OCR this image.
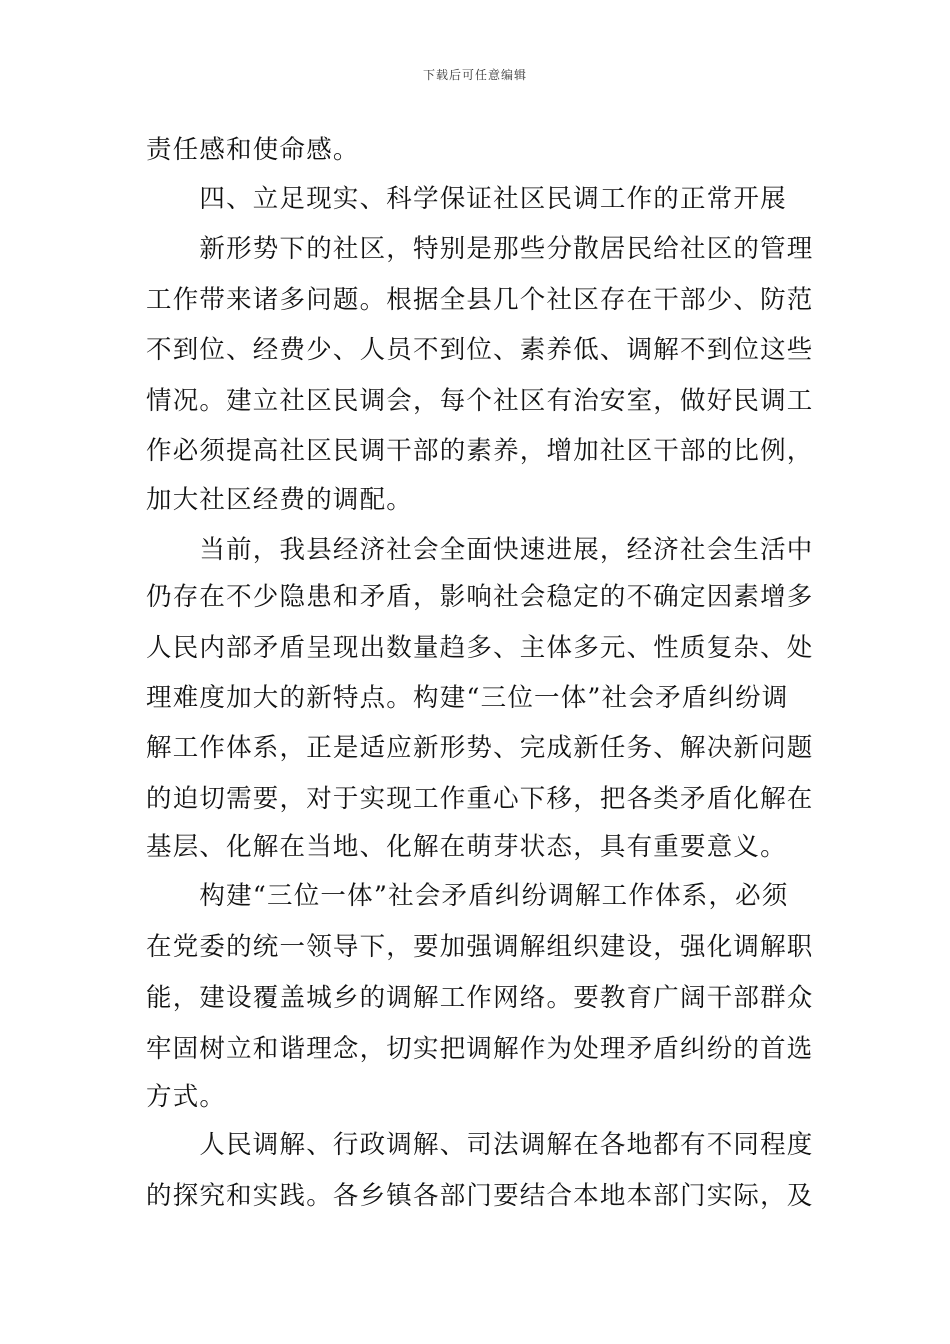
下载后可任意编辑
责任感和使命感。
　　四、立足现实、科学保证社区民调工作的正常开展
　　新形势下的社区，特别是那些分散居民给社区的管理
工作带来诸多问题。根据全县几个社区存在干部少、防范
不到位、经费少、人员不到位、素养低、调解不到位这些
情况。建立社区民调会，每个社区有治安室，做好民调工
作必须提高社区民调干部的素养，增加社区干部的比例，
加大社区经费的调配。
　　当前，我县经济社会全面快速进展，经济社会生活中
仍存在不少隐患和矛盾，影响社会稳定的不确定因素增多
人民内部矛盾呈现出数量趋多、主体多元、性质复杂、处
理难度加大的新特点。构建“三位一体”社会矛盾纠纷调
解工作体系，正是适应新形势、完成新任务、解决新问题
的迫切需要，对于实现工作重心下移，把各类矛盾化解在
基层、化解在当地、化解在萌芽状态，具有重要意义。
　　构建“三位一体”社会矛盾纠纷调解工作体系，必须
在党委的统一领导下，要加强调解组织建设，强化调解职
能，建设覆盖城乡的调解工作网络。要教育广阔干部群众
牢固树立和谐理念，切实把调解作为处理矛盾纠纷的首选
方式。
　　人民调解、行政调解、司法调解在各地都有不同程度
的探究和实践。各乡镇各部门要结合本地本部门实际，及
